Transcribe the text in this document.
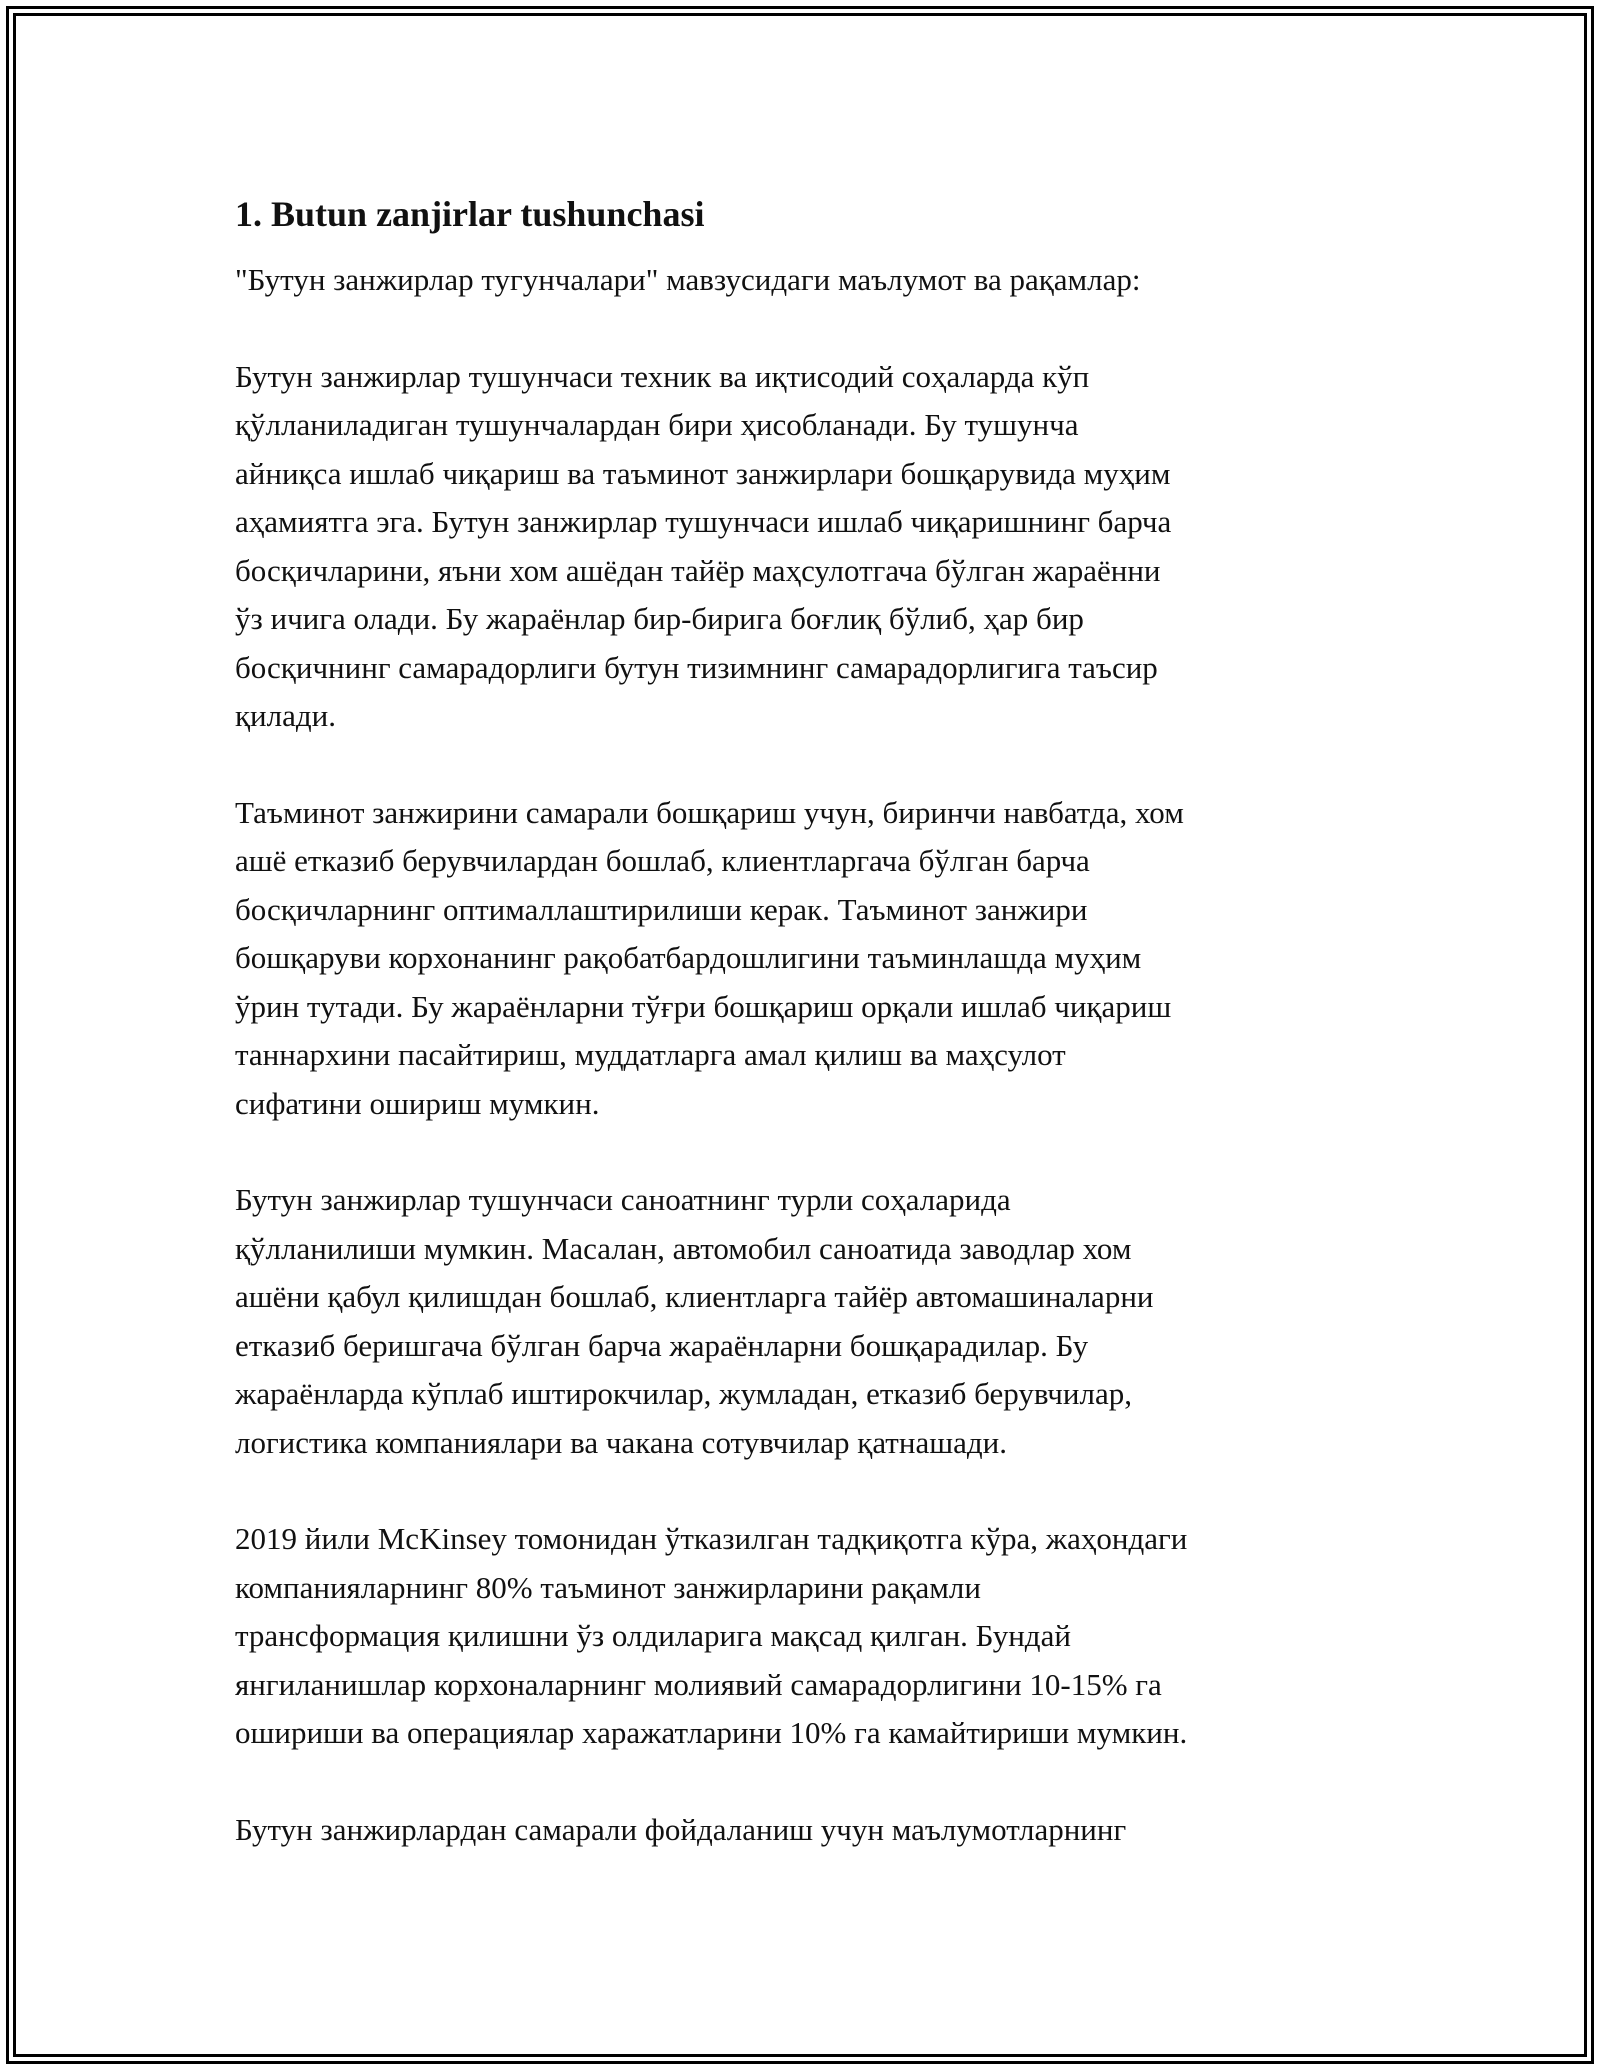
1. Butun zanjirlar tushunchasi

"Бутун занжирлар тугунчалари" мавзусидаги маълумот ва рақамлар:

Бутун занжирлар тушунчаси техник ва иқтисодий соҳаларда кўп
қўлланиладиган тушунчалардан бири ҳисобланади. Бу тушунча
айниқса ишлаб чиқариш ва таъминот занжирлари бошқарувида муҳим
аҳамиятга эга. Бутун занжирлар тушунчаси ишлаб чиқаришнинг барча
босқичларини, яъни хом ашёдан тайёр маҳсулотгача бўлган жараённи
ўз ичига олади. Бу жараёнлар бир-бирига боғлиқ бўлиб, ҳар бир
босқичнинг самарадорлиги бутун тизимнинг самарадорлигига таъсир
қилади.

Таъминот занжирини самарали бошқариш учун, биринчи навбатда, хом
ашё етказиб берувчилардан бошлаб, клиентларгача бўлган барча
босқичларнинг оптималлаштирилиши керак. Таъминот занжири
бошқаруви корхонанинг рақобатбардошлигини таъминлашда муҳим
ўрин тутади. Бу жараёнларни тўғри бошқариш орқали ишлаб чиқариш
таннархини пасайтириш, муддатларга амал қилиш ва маҳсулот
сифатини ошириш мумкин.

Бутун занжирлар тушунчаси саноатнинг турли соҳаларида
қўлланилиши мумкин. Масалан, автомобил саноатида заводлар хом
ашёни қабул қилишдан бошлаб, клиентларга тайёр автомашиналарни
етказиб беришгача бўлган барча жараёнларни бошқарадилар. Бу
жараёнларда кўплаб иштирокчилар, жумладан, етказиб берувчилар,
логистика компаниялари ва чакана сотувчилар қатнашади.

2019 йили McKinsey томонидан ўтказилган тадқиқотга кўра, жаҳондаги
компанияларнинг 80% таъминот занжирларини рақамли
трансформация қилишни ўз олдиларига мақсад қилган. Бундай
янгиланишлар корхоналарнинг молиявий самарадорлигини 10-15% га
ошириши ва операциялар харажатларини 10% га камайтириши мумкин.

Бутун занжирлардан самарали фойдаланиш учун маълумотларнинг
